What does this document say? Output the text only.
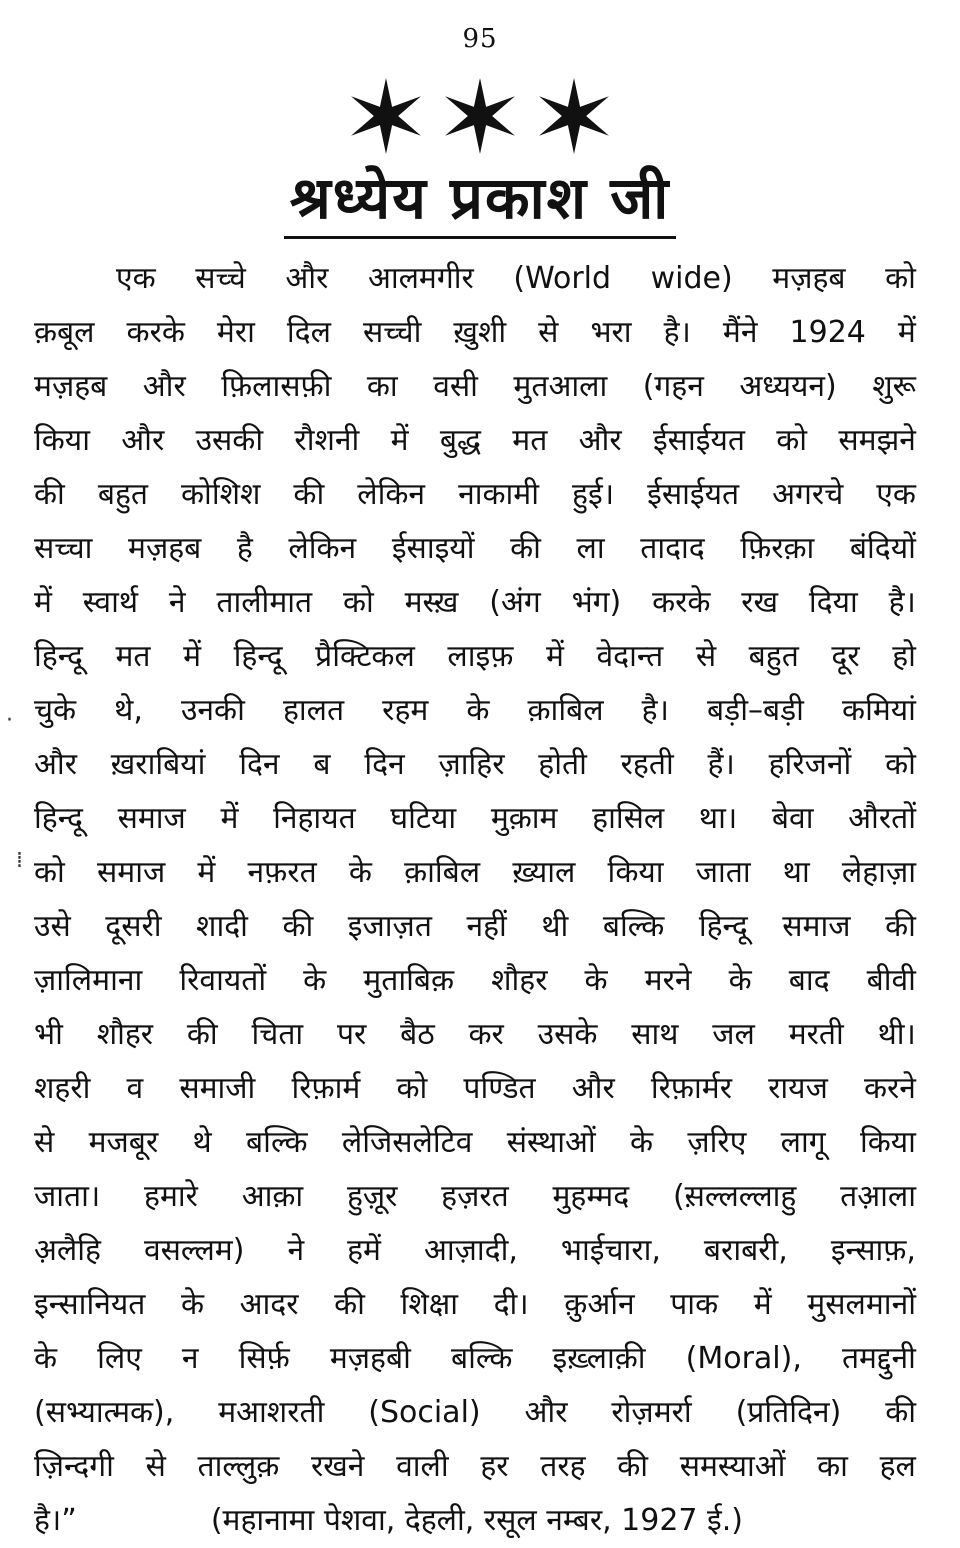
95
श्रध्येय प्रकाश जी
एक सच्चे और आलमगीर (World wide) मज़हब को
क़बूल करके मेरा दिल सच्ची ख़ुशी से भरा है। मैंने 1924 में
मज़हब और फ़िलासफ़ी का वसी मुतआला (गहन अध्ययन) शुरू
किया और उसकी रौशनी में बुद्ध मत और ईसाईयत को समझने
की बहुत कोशिश की लेकिन नाकामी हुई। ईसाईयत अगरचे एक
सच्चा मज़हब है लेकिन ईसाइयों की ला तादाद फ़िरक़ा बंदियों
में स्वार्थ ने तालीमात को मस्ख़ (अंग भंग) करके रख दिया है।
हिन्दू मत में हिन्दू प्रैक्टिकल लाइफ़ में वेदान्त से बहुत दूर हो
चुके थे, उनकी हालत रहम के क़ाबिल है। बड़ी–बड़ी कमियां
और ख़राबियां दिन ब दिन ज़ाहिर होती रहती हैं। हरिजनों को
हिन्दू समाज में निहायत घटिया मुक़ाम हासिल था। बेवा औरतों
को समाज में नफ़रत के क़ाबिल ख़्याल किया जाता था लेहाज़ा
उसे दूसरी शादी की इजाज़त नहीं थी बल्कि हिन्दू समाज की
ज़ालिमाना रिवायतों के मुताबिक़ शौहर के मरने के बाद बीवी
भी शौहर की चिता पर बैठ कर उसके साथ जल मरती थी।
शहरी व समाजी रिफ़ार्म को पण्डित और रिफ़ार्मर रायज करने
से मजबूर थे बल्कि लेजिसलेटिव संस्थाओं के ज़रिए लागू किया
जाता। हमारे आक़ा हुज़ूर हज़रत मुहम्मद (स़ल्लल्लाहु तआ़ला
अ़लैहि वसल्लम) ने हमें आज़ादी, भाईचारा, बराबरी, इन्साफ़,
इन्सानियत के आदर की शिक्षा दी। क़ुर्आन पाक में मुसलमानों
के लिए न सिर्फ़ मज़हबी बल्कि इख़्लाक़ी (Moral), तमद्दुनी
(सभ्यात्मक), मआशरती (Social) और रोज़मर्रा (प्रतिदिन) की
ज़िन्दगी से ताल्लुक़ रखने वाली हर तरह की समस्याओं का हल
है।”	(महानामा पेशवा, देहली, रसूल नम्बर, 1927 ई.)
·
⁞
